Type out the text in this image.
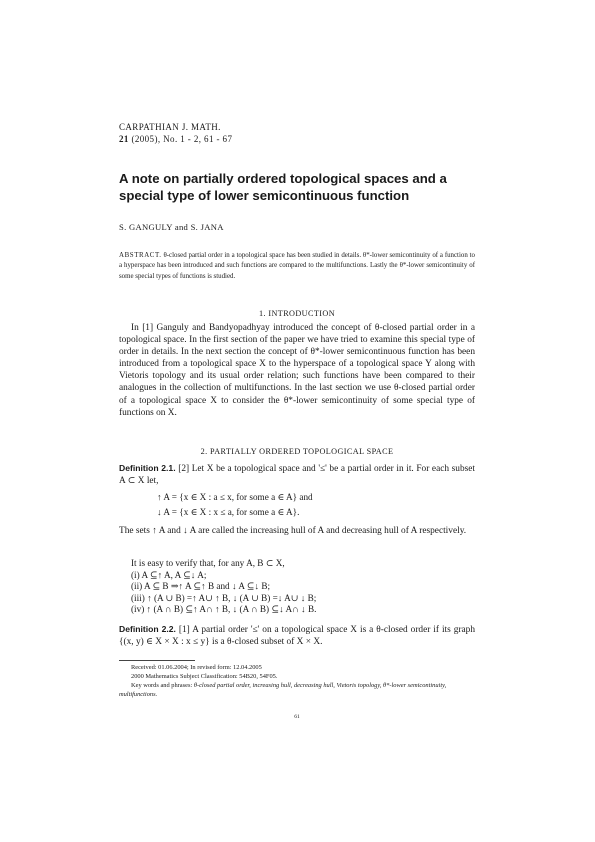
CARPATHIAN J. MATH.
21 (2005), No. 1 - 2, 61 - 67
A note on partially ordered topological spaces and a
special type of lower semicontinuous function
S. GANGULY and S. JANA
ABSTRACT. θ-closed partial order in a topological space has been studied in details. θ*-lower semicontinuity of a function to a hyperspace has been introduced and such functions are compared to the multifunctions. Lastly the θ*-lower semicontinuity of some special types of functions is studied.
1. INTRODUCTION

In [1] Ganguly and Bandyopadhyay introduced the concept of θ-closed partial order in a topological space. In the first section of the paper we have tried to examine this special type of order in details. In the next section the concept of θ*-lower semicontinuous function has been introduced from a topological space X to the hyperspace of a topological space Y along with Vietoris topology and its usual order relation; such functions have been compared to their analogues in the collection of multifunctions. In the last section we use θ-closed partial order of a topological space X to consider the θ*-lower semicontinuity of some special type of functions on X.

2. PARTIALLY ORDERED TOPOLOGICAL SPACE

Definition 2.1. [2] Let X be a topological space and '≤' be a partial order in it. For each subset A ⊂ X let,

↑ A = {x ∈ X : a ≤ x, for some a ∈ A} and
↓ A = {x ∈ X : x ≤ a, for some a ∈ A}.

The sets ↑ A and ↓ A are called the increasing hull of A and decreasing hull of A respectively.

It is easy to verify that, for any A, B ⊂ X,
(i) A ⊆↑ A, A ⊆↓ A;
(ii) A ⊆ B ⇒↑ A ⊆↑ B and ↓ A ⊆↓ B;
(iii) ↑ (A ∪ B) =↑ A∪ ↑ B, ↓ (A ∪ B) =↓ A∪ ↓ B;
(iv) ↑ (A ∩ B) ⊆↑ A∩ ↑ B, ↓ (A ∩ B) ⊆↓ A∩ ↓ B.

Definition 2.2. [1] A partial order '≤' on a topological space X is a θ-closed order if its graph {(x, y) ∈ X × X : x ≤ y} is a θ-closed subset of X × X.

Received: 01.06.2004; In revised form: 12.04.2005

2000 Mathematics Subject Classification: 54B20, 54F05.

Key words and phrases: θ-closed partial order, increasing hull, decreasing hull, Vietoris topology, θ*-lower semicontinuity, multifunctions.

61
